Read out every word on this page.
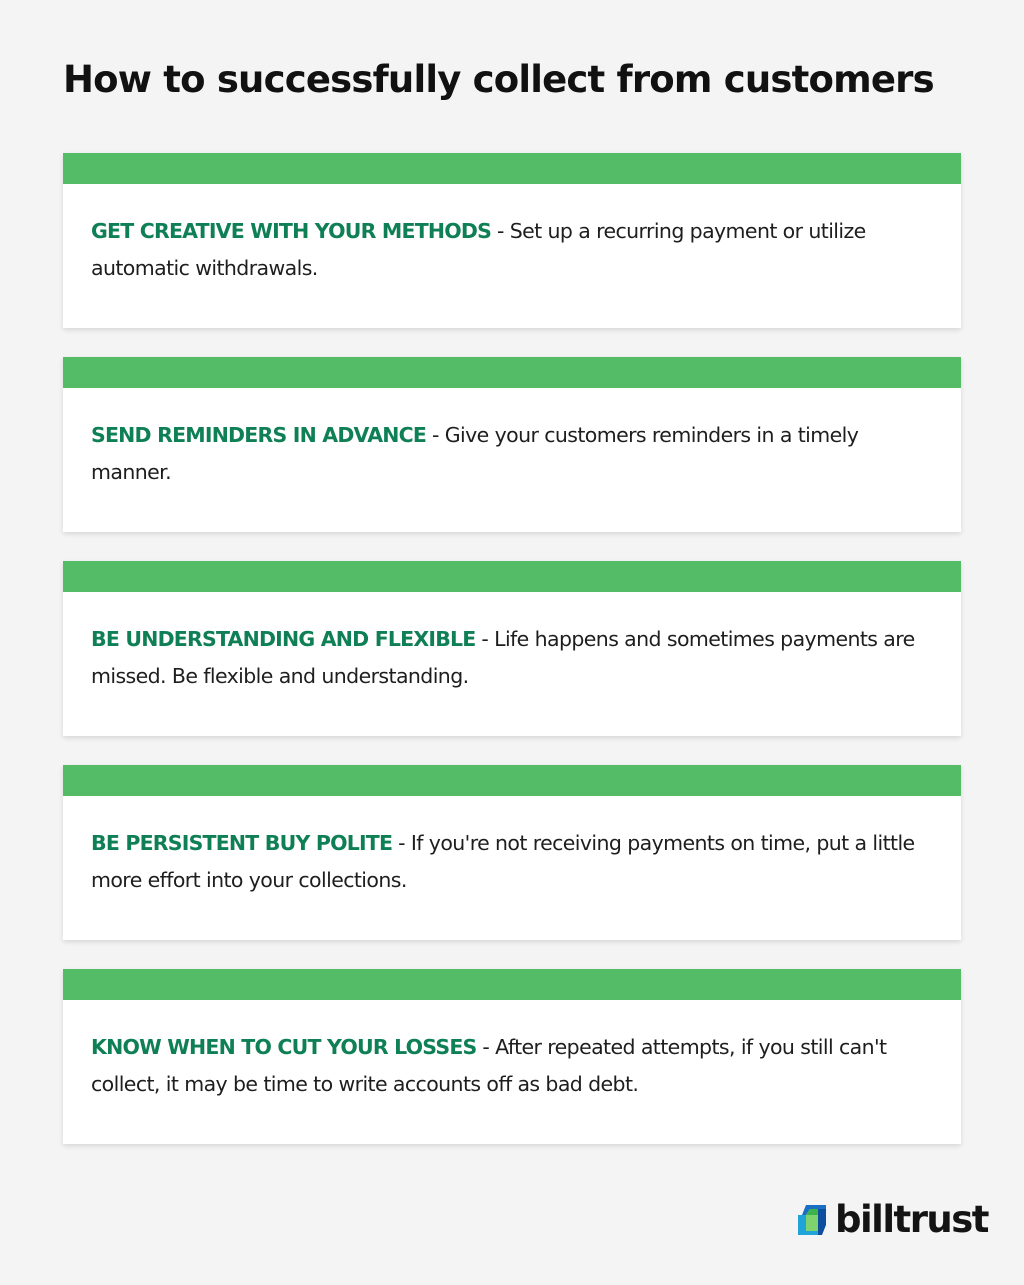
How to successfully collect from customers

GET CREATIVE WITH YOUR METHODS - Set up a recurring payment or utilize automatic withdrawals.

SEND REMINDERS IN ADVANCE - Give your customers reminders in a timely manner.

BE UNDERSTANDING AND FLEXIBLE - Life happens and sometimes payments are missed. Be flexible and understanding.

BE PERSISTENT BUY POLITE - If you're not receiving payments on time, put a little more effort into your collections.

KNOW WHEN TO CUT YOUR LOSSES - After repeated attempts, if you still can't collect, it may be time to write accounts off as bad debt.

billtrust
